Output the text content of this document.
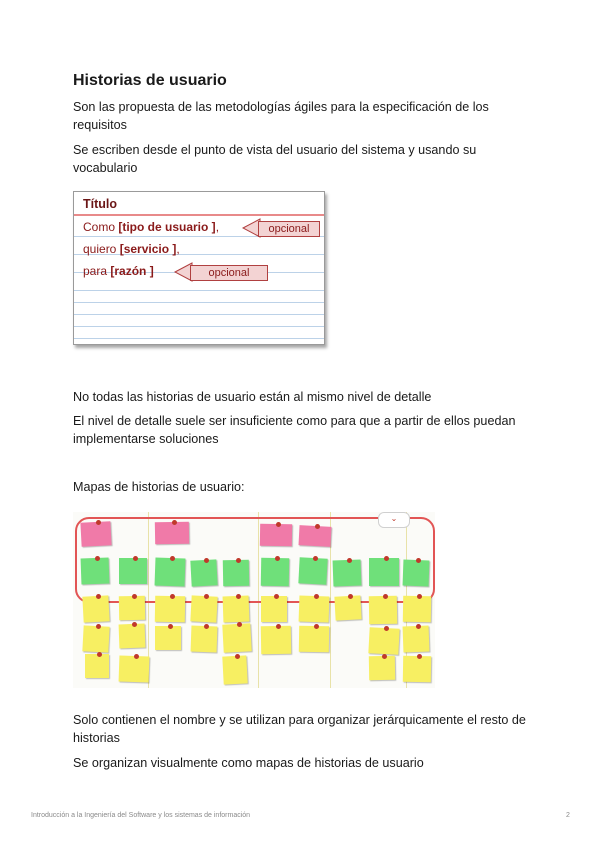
Historias de usuario
Son las propuesta de las metodologías ágiles para la especificación de los requisitos
Se escriben desde el punto de vista del usuario del sistema y usando su vocabulario
Título
Como [tipo de usuario ],
quiero [servicio ],
para [razón ]
opcional
opcional
No todas las historias de usuario están al mismo nivel de detalle
El nivel de detalle suele ser insuficiente como para que a partir de ellos puedan implementarse soluciones
Mapas de historias de usuario:
⌄
Solo contienen el nombre y se utilizan para organizar jerárquicamente el resto de historias
Se organizan visualmente como mapas de historias de usuario
Introducción a la Ingeniería del Software y los sistemas de información	2
